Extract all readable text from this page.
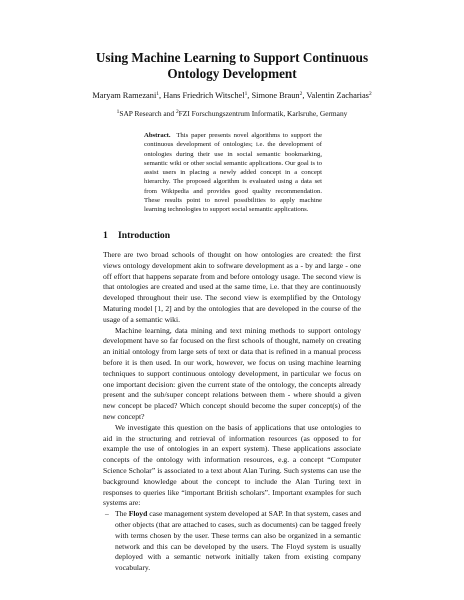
Using Machine Learning to Support Continuous
Ontology Development
Maryam Ramezani$^1$, Hans Friedrich Witschel$^1$, Simone Braun$^2$, Valentin Zacharias$^2$
$^1$SAP Research and $^2$FZI Forschungszentrum Informatik, Karlsruhe, Germany

Abstract. This paper presents novel algorithms to support the continuous development of ontologies; i.e. the development of ontologies during their use in social semantic bookmarking, semantic wiki or other social semantic applications. Our goal is to assist users in placing a newly added concept in a concept hierarchy. The proposed algorithm is evaluated using a data set from Wikipedia and provides good quality recommendation. These results point to novel possibilities to apply machine learning technologies to support social semantic applications.

1 Introduction

There are two broad schools of thought on how ontologies are created: the first views ontology development akin to software development as a - by and large - one off effort that happens separate from and before ontology usage. The second view is that ontologies are created and used at the same time, i.e. that they are continuously developed throughout their use. The second view is exemplified by the Ontology Maturing model [1, 2] and by the ontologies that are developed in the course of the usage of a semantic wiki.

Machine learning, data mining and text mining methods to support ontology development have so far focused on the first schools of thought, namely on creating an initial ontology from large sets of text or data that is refined in a manual process before it is then used. In our work, however, we focus on using machine learning techniques to support continuous ontology development, in particular we focus on one important decision: given the current state of the ontology, the concepts already present and the sub/super concept relations between them - where should a given new concept be placed? Which concept should become the super concept(s) of the new concept?

We investigate this question on the basis of applications that use ontologies to aid in the structuring and retrieval of information resources (as opposed to for example the use of ontologies in an expert system). These applications associate concepts of the ontology with information resources, e.g. a concept “Computer Science Scholar” is associated to a text about Alan Turing. Such systems can use the background knowledge about the concept to include the Alan Turing text in responses to queries like “important British scholars”. Important examples for such systems are:

– The Floyd case management system developed at SAP. In that system, cases and other objects (that are attached to cases, such as documents) can be tagged freely with terms chosen by the user. These terms can also be organized in a semantic network and this can be developed by the users. The Floyd system is usually deployed with a semantic network initially taken from existing company vocabulary.
